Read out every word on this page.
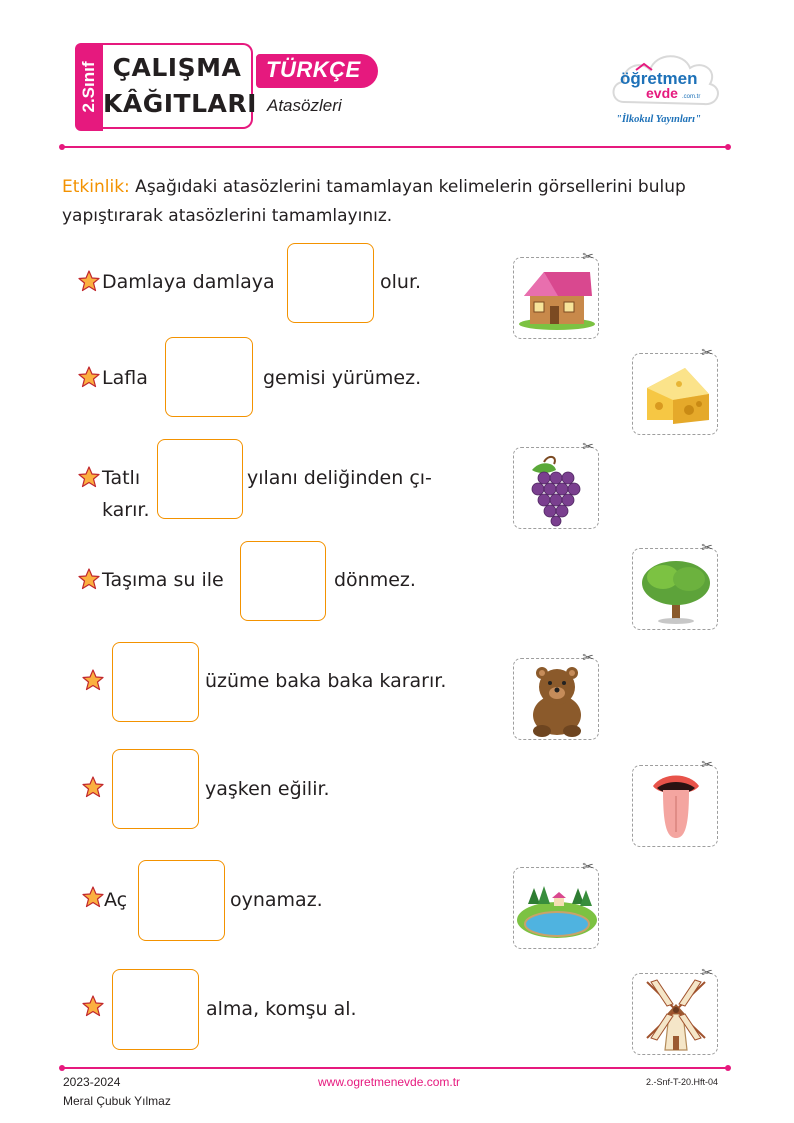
2.Sınıf ÇALIŞMA
KÂĞITLARI
TÜRKÇE
Atasözleri
öğretmen
evde .com.tr
"İlkokul Yayınları"
Etkinlik: Aşağıdaki atasözlerini tamamlayan kelimelerin görsellerini bulup yapıştırarak atasözlerini tamamlayınız.
Damlaya damlaya	olur.
Lafla	gemisi yürümez.
Tatlı	yılanı deliğinden çı-
karır.
Taşıma su ile	dönmez.
üzüme baka baka kararır.
yaşken eğilir.
Aç	oynamaz.
alma, komşu al.
✂
✂
✂
✂
✂
✂
✂
✂
2023-2024
Meral Çubuk Yılmaz
www.ogretmenevde.com.tr	2.-Snf-T-20.Hft-04
